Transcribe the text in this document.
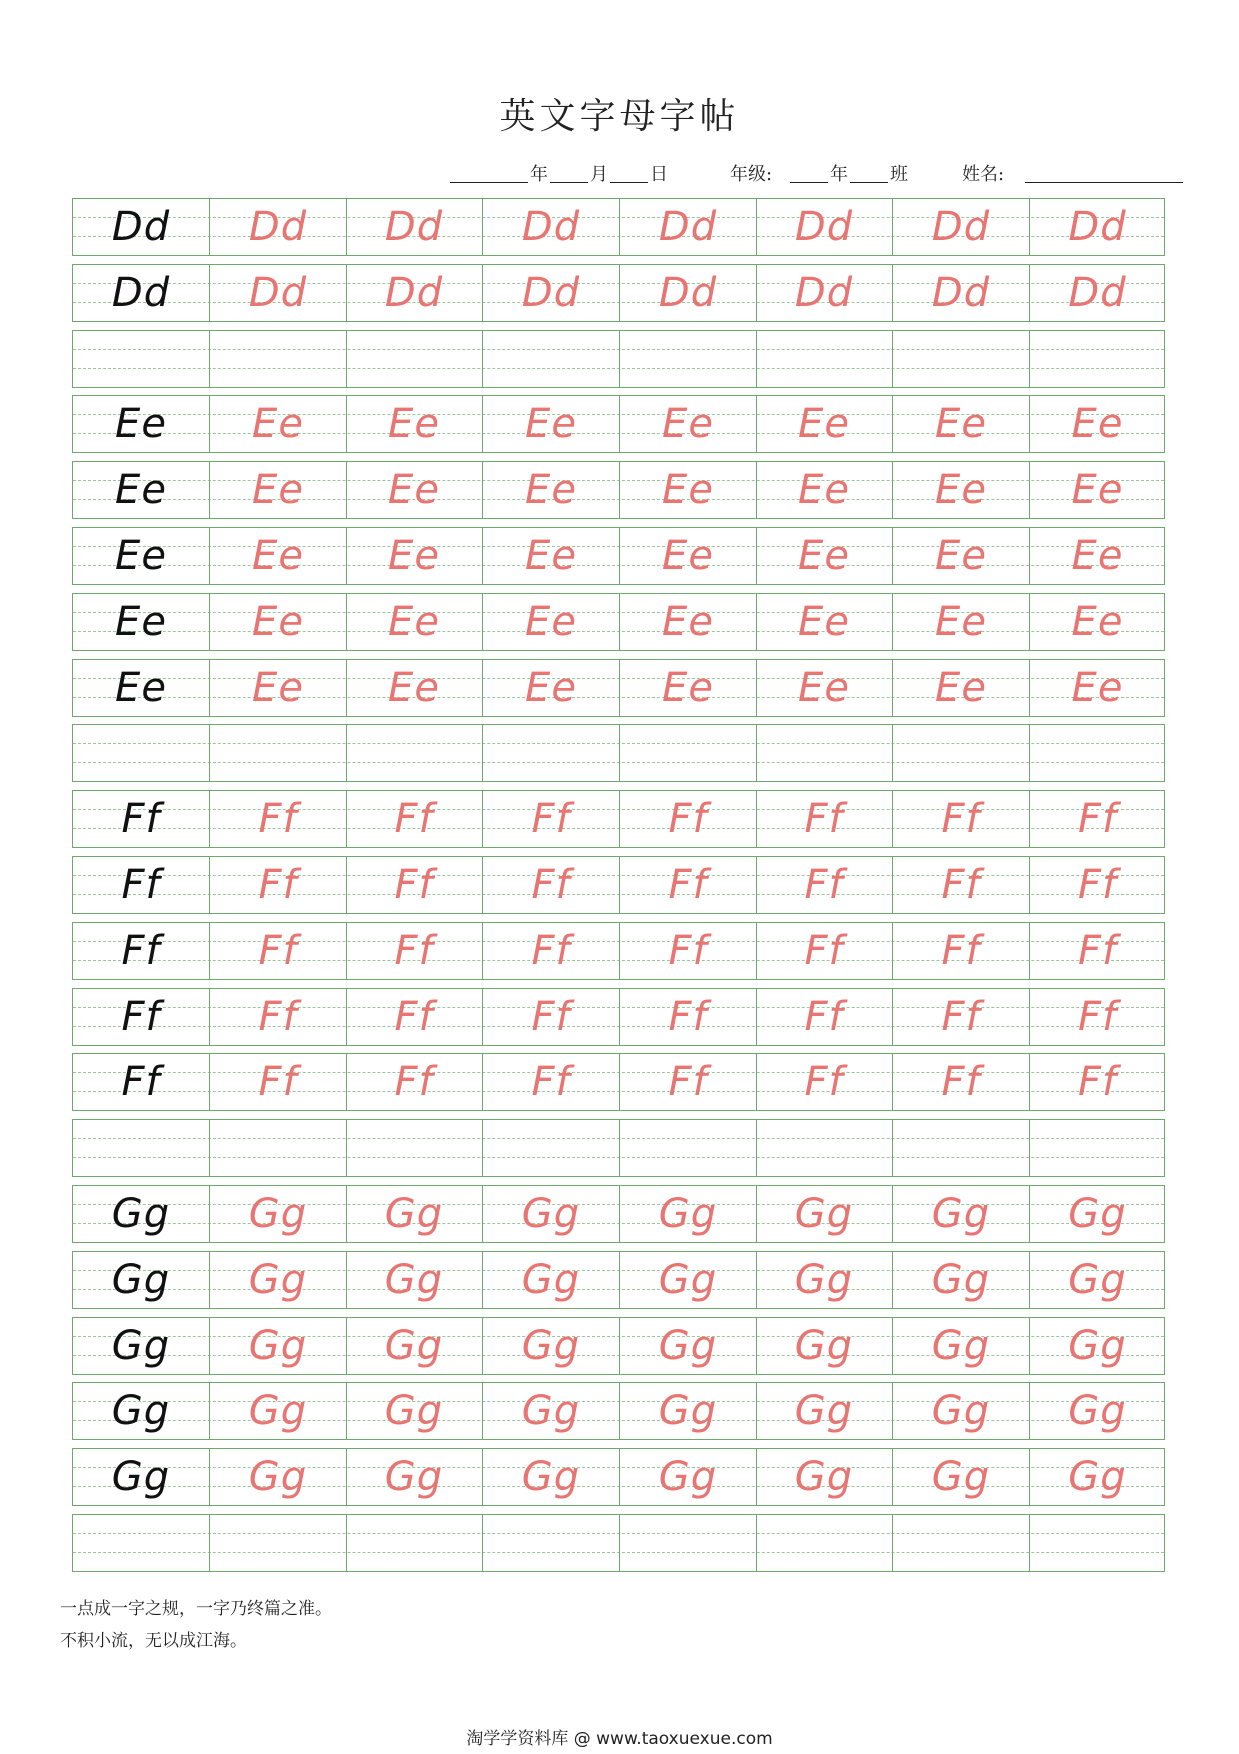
英文字母字帖
年 月 日	年级:	年 班	姓名:
Dd	Dd	Dd	Dd	Dd	Dd	Dd	Dd
Dd	Dd	Dd	Dd	Dd	Dd	Dd	Dd
Ee	Ee	Ee	Ee	Ee	Ee	Ee	Ee
Ee	Ee	Ee	Ee	Ee	Ee	Ee	Ee
Ee	Ee	Ee	Ee	Ee	Ee	Ee	Ee
Ee	Ee	Ee	Ee	Ee	Ee	Ee	Ee
Ee	Ee	Ee	Ee	Ee	Ee	Ee	Ee
Ff	Ff	Ff	Ff	Ff	Ff	Ff	Ff
Ff	Ff	Ff	Ff	Ff	Ff	Ff	Ff
Ff	Ff	Ff	Ff	Ff	Ff	Ff	Ff
Ff	Ff	Ff	Ff	Ff	Ff	Ff	Ff
Ff	Ff	Ff	Ff	Ff	Ff	Ff	Ff
Gg	Gg	Gg	Gg	Gg	Gg	Gg	Gg
Gg	Gg	Gg	Gg	Gg	Gg	Gg	Gg
Gg	Gg	Gg	Gg	Gg	Gg	Gg	Gg
Gg	Gg	Gg	Gg	Gg	Gg	Gg	Gg
Gg	Gg	Gg	Gg	Gg	Gg	Gg	Gg
一点成一字之规，一字乃终篇之准。
不积小流，无以成江海。
淘学学资料库 @ www.taoxuexue.com
